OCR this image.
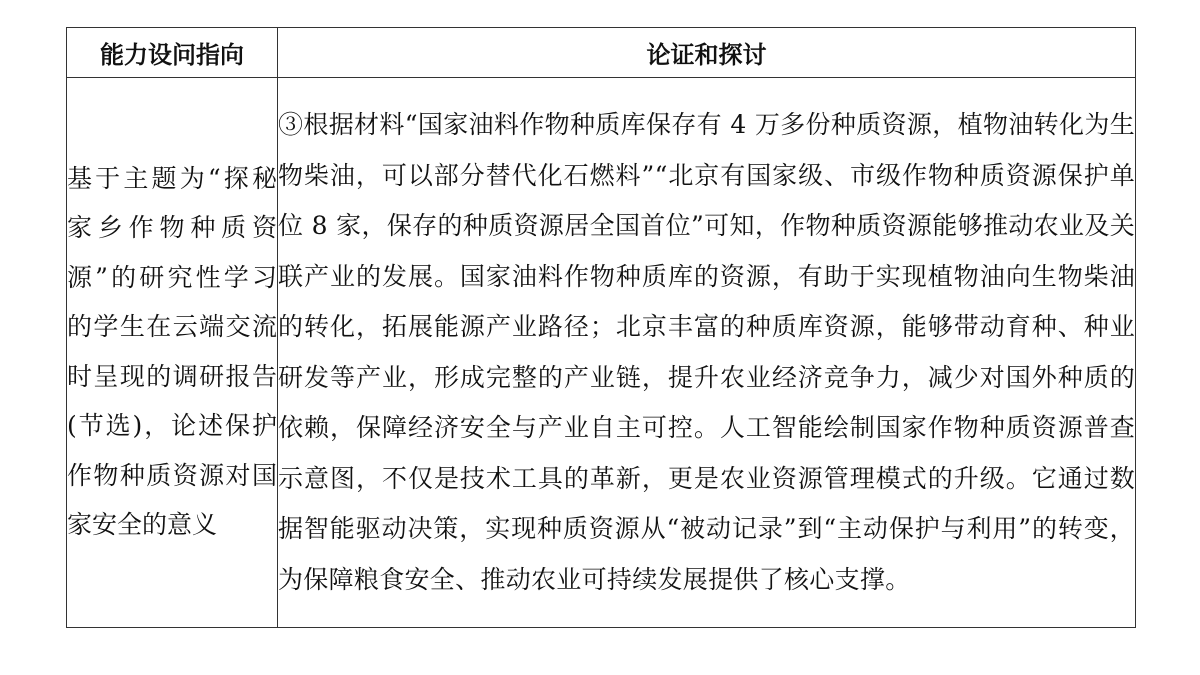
能力设问指向	论证和探讨

基于主题为“探秘家乡作物种质资源”的研究性学习的学生在云端交流时呈现的调研报告(节选)，论述保护作物种质资源对国家安全的意义	③根据材料“国家油料作物种质库保存有 4 万多份种质资源，植物油转化为生物柴油，可以部分替代化石燃料”“北京有国家级、市级作物种质资源保护单位 8 家，保存的种质资源居全国首位”可知，作物种质资源能够推动农业及关联产业的发展。国家油料作物种质库的资源，有助于实现植物油向生物柴油的转化，拓展能源产业路径；北京丰富的种质库资源，能够带动育种、种业研发等产业，形成完整的产业链，提升农业经济竞争力，减少对国外种质的依赖，保障经济安全与产业自主可控。人工智能绘制国家作物种质资源普查示意图，不仅是技术工具的革新，更是农业资源管理模式的升级。它通过数据智能驱动决策，实现种质资源从“被动记录”到“主动保护与利用”的转变，为保障粮食安全、推动农业可持续发展提供了核心支撑。
